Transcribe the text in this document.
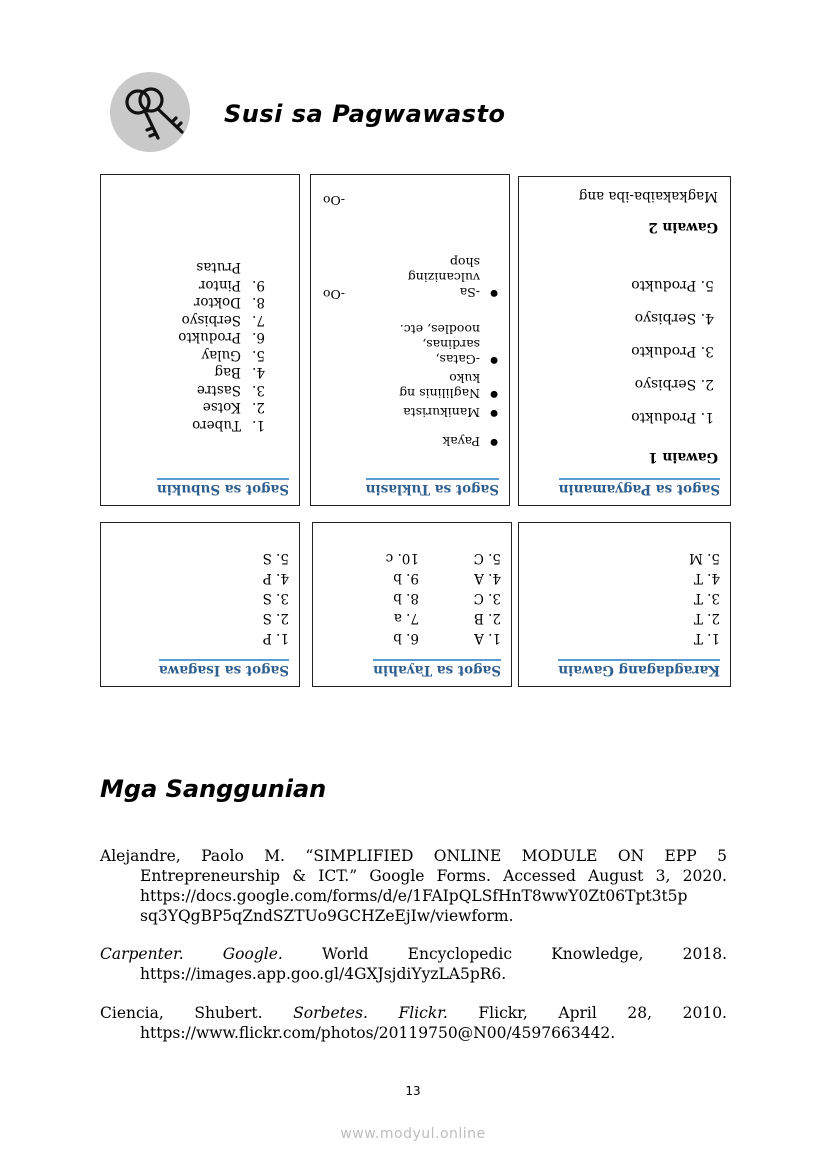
Susi sa Pagwawasto
Sagot sa Subukin
1.Tubero
2.Kotse
3.Sastre
4.Bag
5.Gulay
6.Produkto
7.Serbisyo
8.Doktor
9.Pintor
Prutas
Sagot sa Tuklasin
● Payak
● Manikurista
● Naglilinis ng
kuko
● -Gatas,
sardinas,
noodles, etc.
● -Sa
vulcanizing
shop
-Oo
-Oo
Sagot sa Pagyamanin
Gawain 1
1. Produkto
2. Serbisyo
3. Produkto
4. Serbisyo
5. Produkto
Gawain 2
Magkakaiba-iba ang
Sagot sa Isagawa
1. P
2. S
3. S
4. P
5. S
Sagot sa Tayahin
1. A
2. B
3. C
4. A
5. C
6. b
7. a
8. b
9. b
10. c
Karagdagang Gawain
1. T
2. T
3. T
4. T
5. M
Mga Sanggunian
Alejandre, Paolo M. “SIMPLIFIED ONLINE MODULE ON EPP 5
Entrepreneurship & ICT.” Google Forms. Accessed August 3, 2020.
https://docs.google.com/forms/d/e/1FAIpQLSfHnT8wwY0Zt06Tpt3t5p
sq3YQgBP5qZndSZTUo9GCHZeEjIw/viewform.
Carpenter.	Google.	World	Encyclopedic	Knowledge,	2018.
https://images.app.goo.gl/4GXJsjdiYyzLA5pR6.
Ciencia, Shubert. Sorbetes. Flickr. Flickr, April 28, 2010.
https://www.flickr.com/photos/20119750@N00/4597663442.
13
www.modyul.online
